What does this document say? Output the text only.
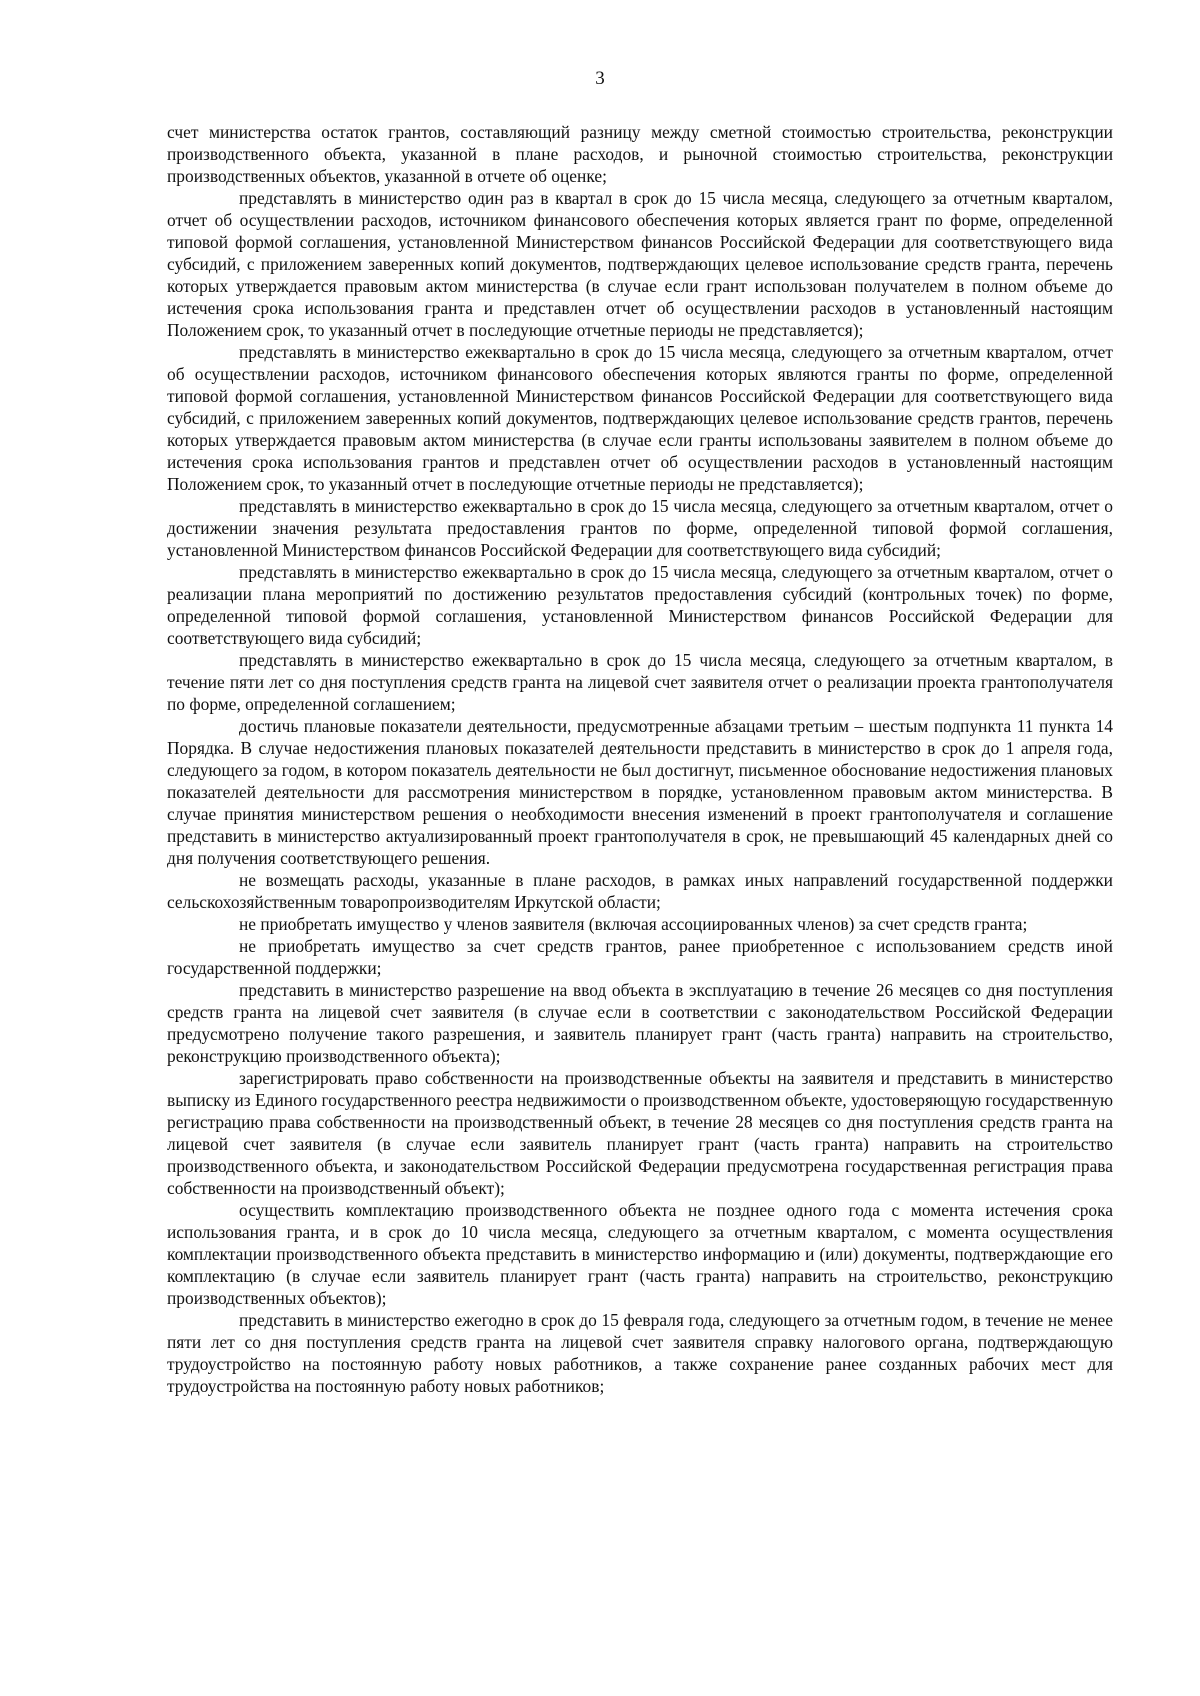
3

счет министерства остаток грантов, составляющий разницу между сметной стоимостью строительства, реконструкции производственного объекта, указанной в плане расходов, и рыночной стоимостью строительства, реконструкции производственных объектов, указанной в отчете об оценке;

представлять в министерство один раз в квартал в срок до 15 числа месяца, следующего за отчетным кварталом, отчет об осуществлении расходов, источником финансового обеспечения которых является грант по форме, определенной типовой формой соглашения, установленной Министерством финансов Российской Федерации для соответствующего вида субсидий, с приложением заверенных копий документов, подтверждающих целевое использование средств гранта, перечень которых утверждается правовым актом министерства (в случае если грант использован получателем в полном объеме до истечения срока использования гранта и представлен отчет об осуществлении расходов в установленный настоящим Положением срок, то указанный отчет в последующие отчетные периоды не представляется);

представлять в министерство ежеквартально в срок до 15 числа месяца, следующего за отчетным кварталом, отчет об осуществлении расходов, источником финансового обеспечения которых являются гранты по форме, определенной типовой формой соглашения, установленной Министерством финансов Российской Федерации для соответствующего вида субсидий, с приложением заверенных копий документов, подтверждающих целевое использование средств грантов, перечень которых утверждается правовым актом министерства (в случае если гранты использованы заявителем в полном объеме до истечения срока использования грантов и представлен отчет об осуществлении расходов в установленный настоящим Положением срок, то указанный отчет в последующие отчетные периоды не представляется);

представлять в министерство ежеквартально в срок до 15 числа месяца, следующего за отчетным кварталом, отчет о достижении значения результата предоставления грантов по форме, определенной типовой формой соглашения, установленной Министерством финансов Российской Федерации для соответствующего вида субсидий;

представлять в министерство ежеквартально в срок до 15 числа месяца, следующего за отчетным кварталом, отчет о реализации плана мероприятий по достижению результатов предоставления субсидий (контрольных точек) по форме, определенной типовой формой соглашения, установленной Министерством финансов Российской Федерации для соответствующего вида субсидий;

представлять в министерство ежеквартально в срок до 15 числа месяца, следующего за отчетным кварталом, в течение пяти лет со дня поступления средств гранта на лицевой счет заявителя отчет о реализации проекта грантополучателя по форме, определенной соглашением;

достичь плановые показатели деятельности, предусмотренные абзацами третьим – шестым подпункта 11 пункта 14 Порядка. В случае недостижения плановых показателей деятельности представить в министерство в срок до 1 апреля года, следующего за годом, в котором показатель деятельности не был достигнут, письменное обоснование недостижения плановых показателей деятельности для рассмотрения министерством в порядке, установленном правовым актом министерства. В случае принятия министерством решения о необходимости внесения изменений в проект грантополучателя и соглашение представить в министерство актуализированный проект грантополучателя в срок, не превышающий 45 календарных дней со дня получения соответствующего решения.

не возмещать расходы, указанные в плане расходов, в рамках иных направлений государственной поддержки сельскохозяйственным товаропроизводителям Иркутской области;

не приобретать имущество у членов заявителя (включая ассоциированных членов) за счет средств гранта;

не приобретать имущество за счет средств грантов, ранее приобретенное с использованием средств иной государственной поддержки;

представить в министерство разрешение на ввод объекта в эксплуатацию в течение 26 месяцев со дня поступления средств гранта на лицевой счет заявителя (в случае если в соответствии с законодательством Российской Федерации предусмотрено получение такого разрешения, и заявитель планирует грант (часть гранта) направить на строительство, реконструкцию производственного объекта);

зарегистрировать право собственности на производственные объекты на заявителя и представить в министерство выписку из Единого государственного реестра недвижимости о производственном объекте, удостоверяющую государственную регистрацию права собственности на производственный объект, в течение 28 месяцев со дня поступления средств гранта на лицевой счет заявителя (в случае если заявитель планирует грант (часть гранта) направить на строительство производственного объекта, и законодательством Российской Федерации предусмотрена государственная регистрация права собственности на производственный объект);

осуществить комплектацию производственного объекта не позднее одного года с момента истечения срока использования гранта, и в срок до 10 числа месяца, следующего за отчетным кварталом, с момента осуществления комплектации производственного объекта представить в министерство информацию и (или) документы, подтверждающие его комплектацию (в случае если заявитель планирует грант (часть гранта) направить на строительство, реконструкцию производственных объектов);

представить в министерство ежегодно в срок до 15 февраля года, следующего за отчетным годом, в течение не менее пяти лет со дня поступления средств гранта на лицевой счет заявителя справку налогового органа, подтверждающую трудоустройство на постоянную работу новых работников, а также сохранение ранее созданных рабочих мест для трудоустройства на постоянную работу новых работников;
